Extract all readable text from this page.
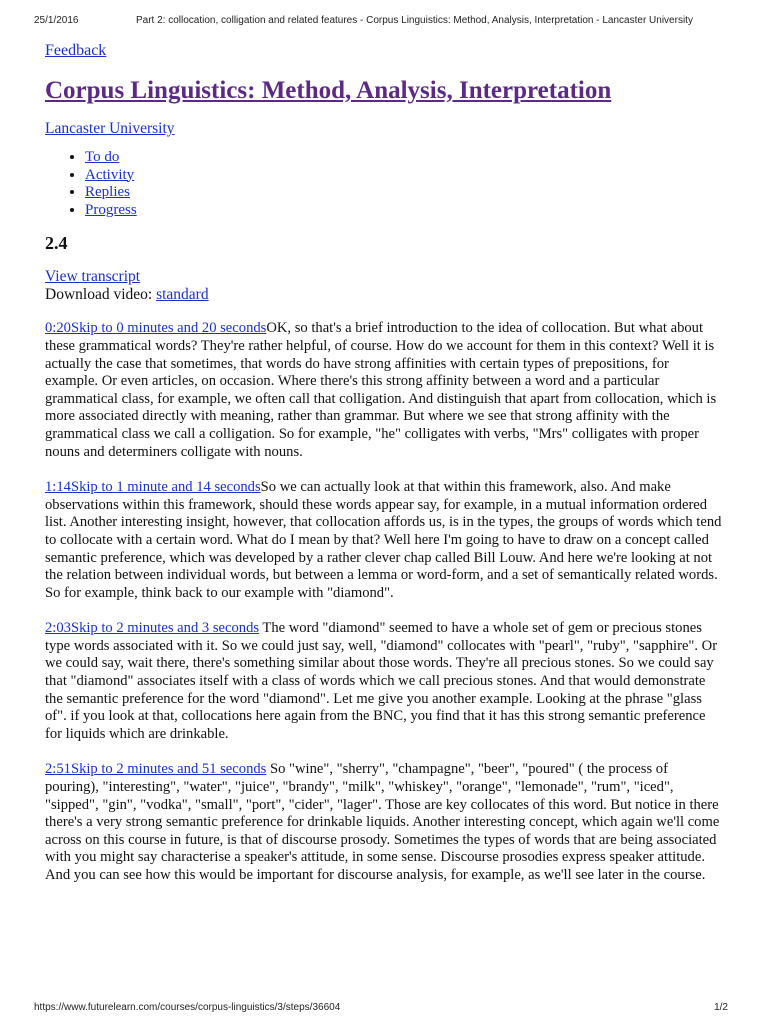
25/1/2016	Part 2: collocation, colligation and related features - Corpus Linguistics: Method, Analysis, Interpretation - Lancaster University
Feedback
Corpus Linguistics: Method, Analysis, Interpretation
Lancaster University
• To do
• Activity
• Replies
• Progress
2.4
View transcript
Download video: standard

0:20Skip to 0 minutes and 20 secondsOK, so that's a brief introduction to the idea of collocation. But what about these grammatical words? They're rather helpful, of course. How do we account for them in this context? Well it is actually the case that sometimes, that words do have strong affinities with certain types of prepositions, for example. Or even articles, on occasion. Where there's this strong affinity between a word and a particular grammatical class, for example, we often call that colligation. And distinguish that apart from collocation, which is more associated directly with meaning, rather than grammar. But where we see that strong affinity with the grammatical class we call a colligation. So for example, "he" colligates with verbs, "Mrs" colligates with proper nouns and determiners colligate with nouns.

1:14Skip to 1 minute and 14 secondsSo we can actually look at that within this framework, also. And make observations within this framework, should these words appear say, for example, in a mutual information ordered list. Another interesting insight, however, that collocation affords us, is in the types, the groups of words which tend to collocate with a certain word. What do I mean by that? Well here I'm going to have to draw on a concept called semantic preference, which was developed by a rather clever chap called Bill Louw. And here we're looking at not the relation between individual words, but between a lemma or word-form, and a set of semantically related words. So for example, think back to our example with "diamond".

2:03Skip to 2 minutes and 3 seconds The word "diamond" seemed to have a whole set of gem or precious stones type words associated with it. So we could just say, well, "diamond" collocates with "pearl", "ruby", "sapphire". Or we could say, wait there, there's something similar about those words. They're all precious stones. So we could say that "diamond" associates itself with a class of words which we call precious stones. And that would demonstrate the semantic preference for the word "diamond". Let me give you another example. Looking at the phrase "glass of". if you look at that, collocations here again from the BNC, you find that it has this strong semantic preference for liquids which are drinkable.

2:51Skip to 2 minutes and 51 seconds So "wine", "sherry", "champagne", "beer", "poured" ( the process of pouring), "interesting", "water", "juice", "brandy", "milk", "whiskey", "orange", "lemonade", "rum", "iced", "sipped", "gin", "vodka", "small", "port", "cider", "lager". Those are key collocates of this word. But notice in there there's a very strong semantic preference for drinkable liquids. Another interesting concept, which again we'll come across on this course in future, is that of discourse prosody. Sometimes the types of words that are being associated with you might say characterise a speaker's attitude, in some sense. Discourse prosodies express speaker attitude. And you can see how this would be important for discourse analysis, for example, as we'll see later in the course.

https://www.futurelearn.com/courses/corpus-linguistics/3/steps/36604	1/2
